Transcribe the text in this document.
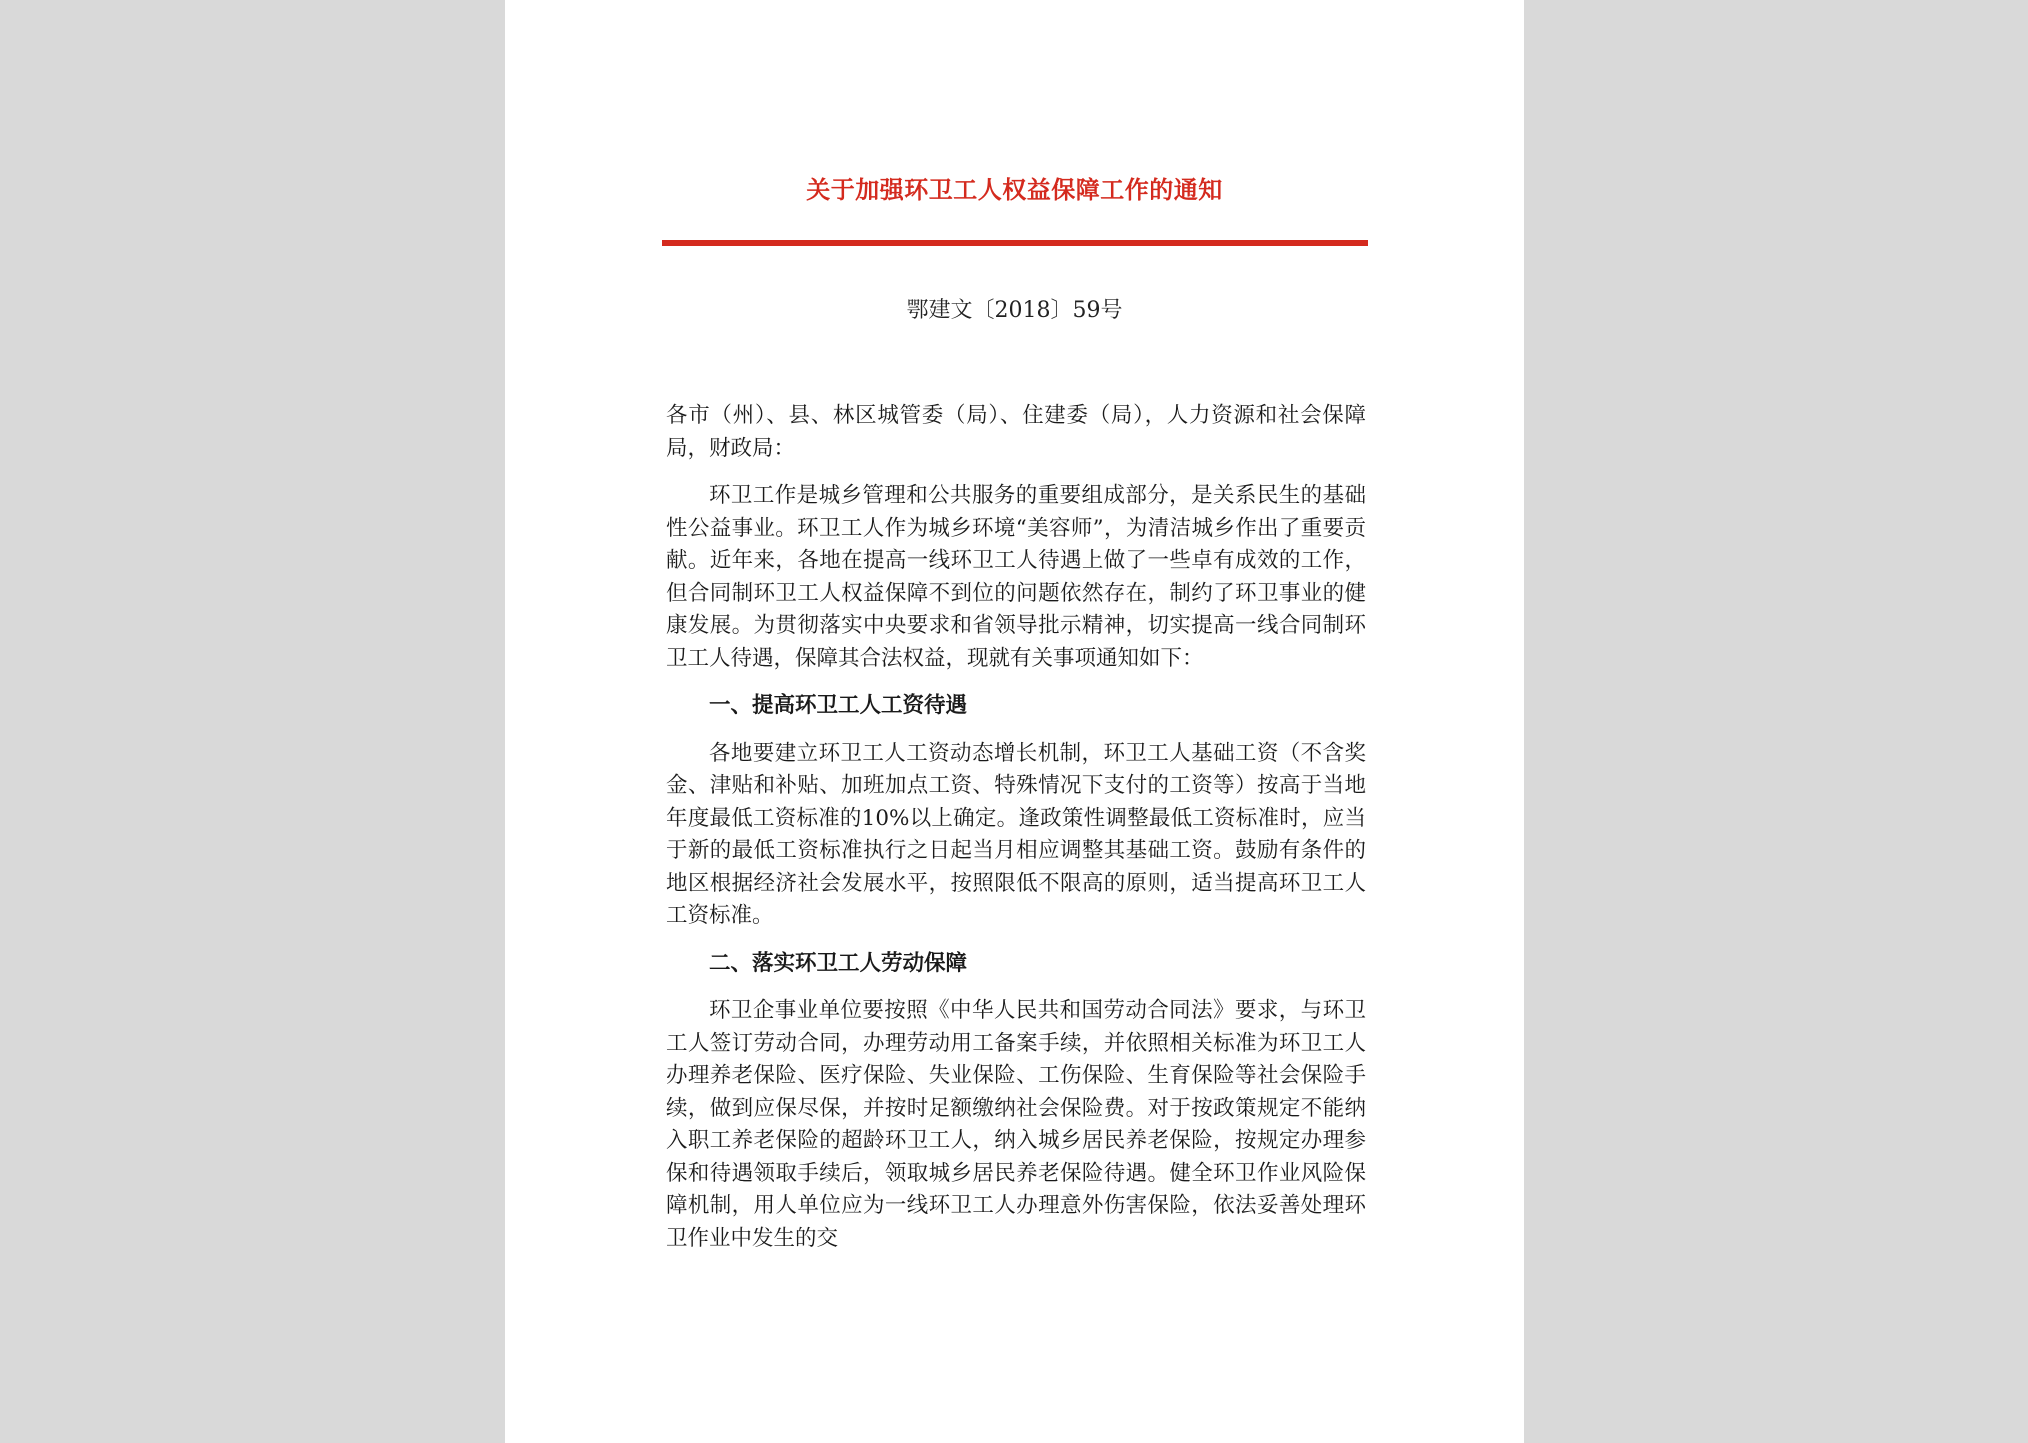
关于加强环卫工人权益保障工作的通知
鄂建文〔2018〕59号

各市（州）、县、林区城管委（局）、住建委（局），人力资源和社会保障局，财政局：

环卫工作是城乡管理和公共服务的重要组成部分，是关系民生的基础性公益事业。环卫工人作为城乡环境“美容师”，为清洁城乡作出了重要贡献。近年来，各地在提高一线环卫工人待遇上做了一些卓有成效的工作，但合同制环卫工人权益保障不到位的问题依然存在，制约了环卫事业的健康发展。为贯彻落实中央要求和省领导批示精神，切实提高一线合同制环卫工人待遇，保障其合法权益，现就有关事项通知如下：

一、提高环卫工人工资待遇

各地要建立环卫工人工资动态增长机制，环卫工人基础工资（不含奖金、津贴和补贴、加班加点工资、特殊情况下支付的工资等）按高于当地年度最低工资标准的10%以上确定。逢政策性调整最低工资标准时，应当于新的最低工资标准执行之日起当月相应调整其基础工资。鼓励有条件的地区根据经济社会发展水平，按照限低不限高的原则，适当提高环卫工人工资标准。

二、落实环卫工人劳动保障

环卫企事业单位要按照《中华人民共和国劳动合同法》要求，与环卫工人签订劳动合同，办理劳动用工备案手续，并依照相关标准为环卫工人办理养老保险、医疗保险、失业保险、工伤保险、生育保险等社会保险手续，做到应保尽保，并按时足额缴纳社会保险费。对于按政策规定不能纳入职工养老保险的超龄环卫工人，纳入城乡居民养老保险，按规定办理参保和待遇领取手续后，领取城乡居民养老保险待遇。健全环卫作业风险保障机制，用人单位应为一线环卫工人办理意外伤害保险，依法妥善处理环卫作业中发生的交
